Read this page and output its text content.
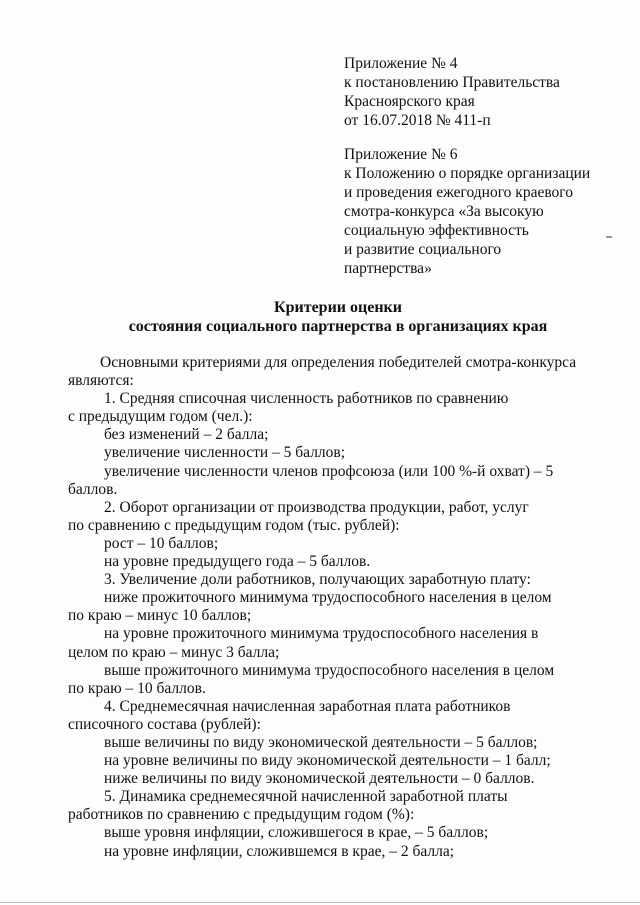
Приложение № 4
к постановлению Правительства
Красноярского края
от 16.07.2018 № 411-п
Приложение № 6
к Положению о порядке организации
и проведения ежегодного краевого
смотра-конкурса «За высокую
социальную эффективность
и развитие социального
партнерства»
Критерии оценки
состояния социального партнерства в организациях края
Основными критериями для определения победителей смотра-конкурса
являются:
1. Средняя списочная численность работников по сравнению
с предыдущим годом (чел.):
без изменений – 2 балла;
увеличение численности – 5 баллов;
увеличение численности членов профсоюза (или 100 %-й охват) – 5
баллов.
2. Оборот организации от производства продукции, работ, услуг
по сравнению с предыдущим годом (тыс. рублей):
рост – 10 баллов;
на уровне предыдущего года – 5 баллов.
3. Увеличение доли работников, получающих заработную плату:
ниже прожиточного минимума трудоспособного населения в целом
по краю – минус 10 баллов;
на уровне прожиточного минимума трудоспособного населения в
целом по краю – минус 3 балла;
выше прожиточного минимума трудоспособного населения в целом
по краю – 10 баллов.
4. Среднемесячная начисленная заработная плата работников
списочного состава (рублей):
выше величины по виду экономической деятельности – 5 баллов;
на уровне величины по виду экономической деятельности – 1 балл;
ниже величины по виду экономической деятельности – 0 баллов.
5. Динамика среднемесячной начисленной заработной платы
работников по сравнению с предыдущим годом (%):
выше уровня инфляции, сложившегося в крае, – 5 баллов;
на уровне инфляции, сложившемся в крае, – 2 балла;
